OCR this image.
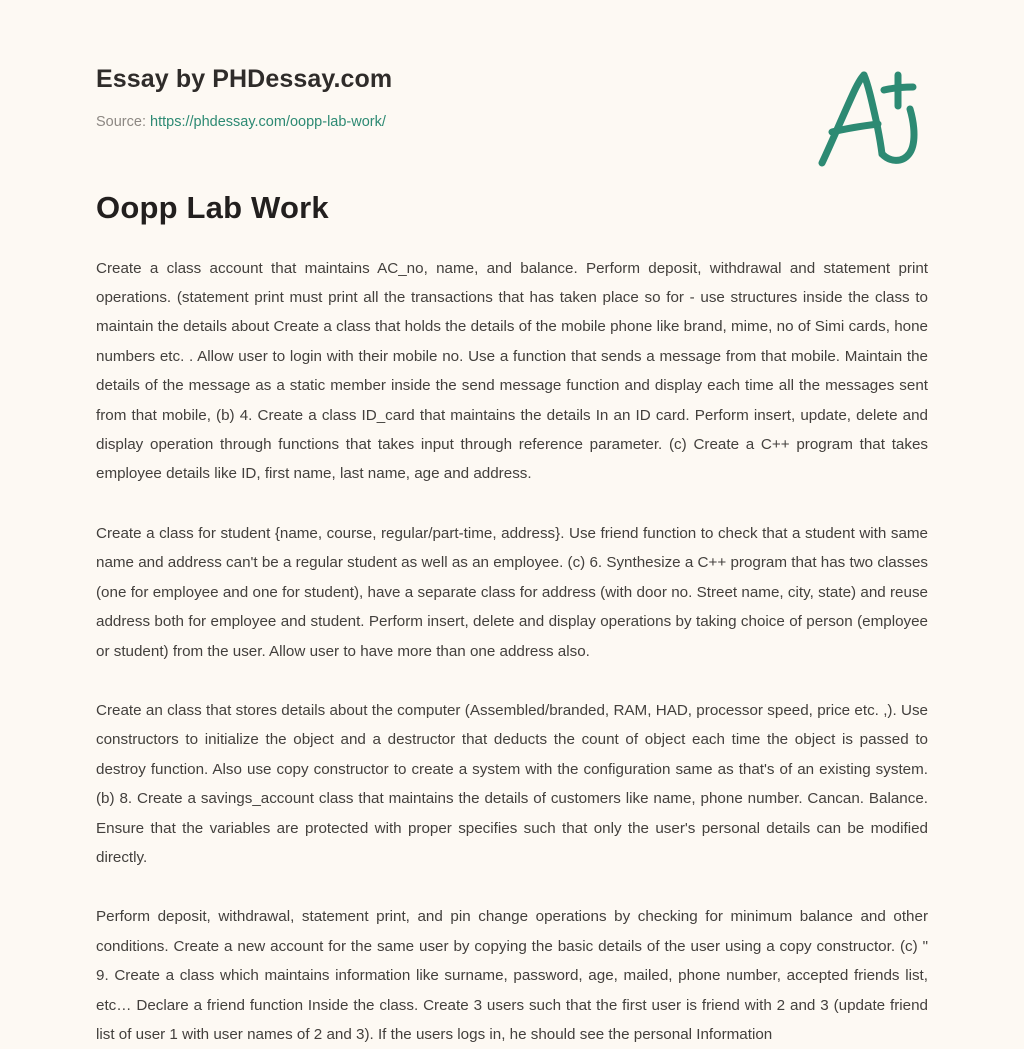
Essay by PHDessay.com
Source: https://phdessay.com/oopp-lab-work/
Oopp Lab Work

Create a class account that maintains AC_no, name, and balance. Perform deposit, withdrawal and statement print operations. (statement print must print all the transactions that has taken place so for - use structures inside the class to maintain the details about Create a class that holds the details of the mobile phone like brand, mime, no of Simi cards, hone numbers etc. . Allow user to login with their mobile no. Use a function that sends a message from that mobile. Maintain the details of the message as a static member inside the send message function and display each time all the messages sent from that mobile, (b) 4. Create a class ID_card that maintains the details In an ID card. Perform insert, update, delete and display operation through functions that takes input through reference parameter. (c) Create a C++ program that takes employee details like ID, first name, last name, age and address.

Create a class for student {name, course, regular/part-time, address}. Use friend function to check that a student with same name and address can't be a regular student as well as an employee. (c) 6. Synthesize a C++ program that has two classes (one for employee and one for student), have a separate class for address (with door no. Street name, city, state) and reuse address both for employee and student. Perform insert, delete and display operations by taking choice of person (employee or student) from the user. Allow user to have more than one address also.

Create an class that stores details about the computer (Assembled/branded, RAM, HAD, processor speed, price etc. ,). Use constructors to initialize the object and a destructor that deducts the count of object each time the object is passed to destroy function. Also use copy constructor to create a system with the configuration same as that's of an existing system. (b) 8. Create a savings_account class that maintains the details of customers like name, phone number. Cancan. Balance. Ensure that the variables are protected with proper specifies such that only the user's personal details can be modified directly.

Perform deposit, withdrawal, statement print, and pin change operations by checking for minimum balance and other conditions. Create a new account for the same user by copying the basic details of the user using a copy constructor. (c) " 9. Create a class which maintains information like surname, password, age, mailed, phone number, accepted friends list, etc… Declare a friend function Inside the class. Create 3 users such that the first user is friend with 2 and 3 (update friend list of user 1 with user names of 2 and 3). If the users logs in, he should see the personal Information
